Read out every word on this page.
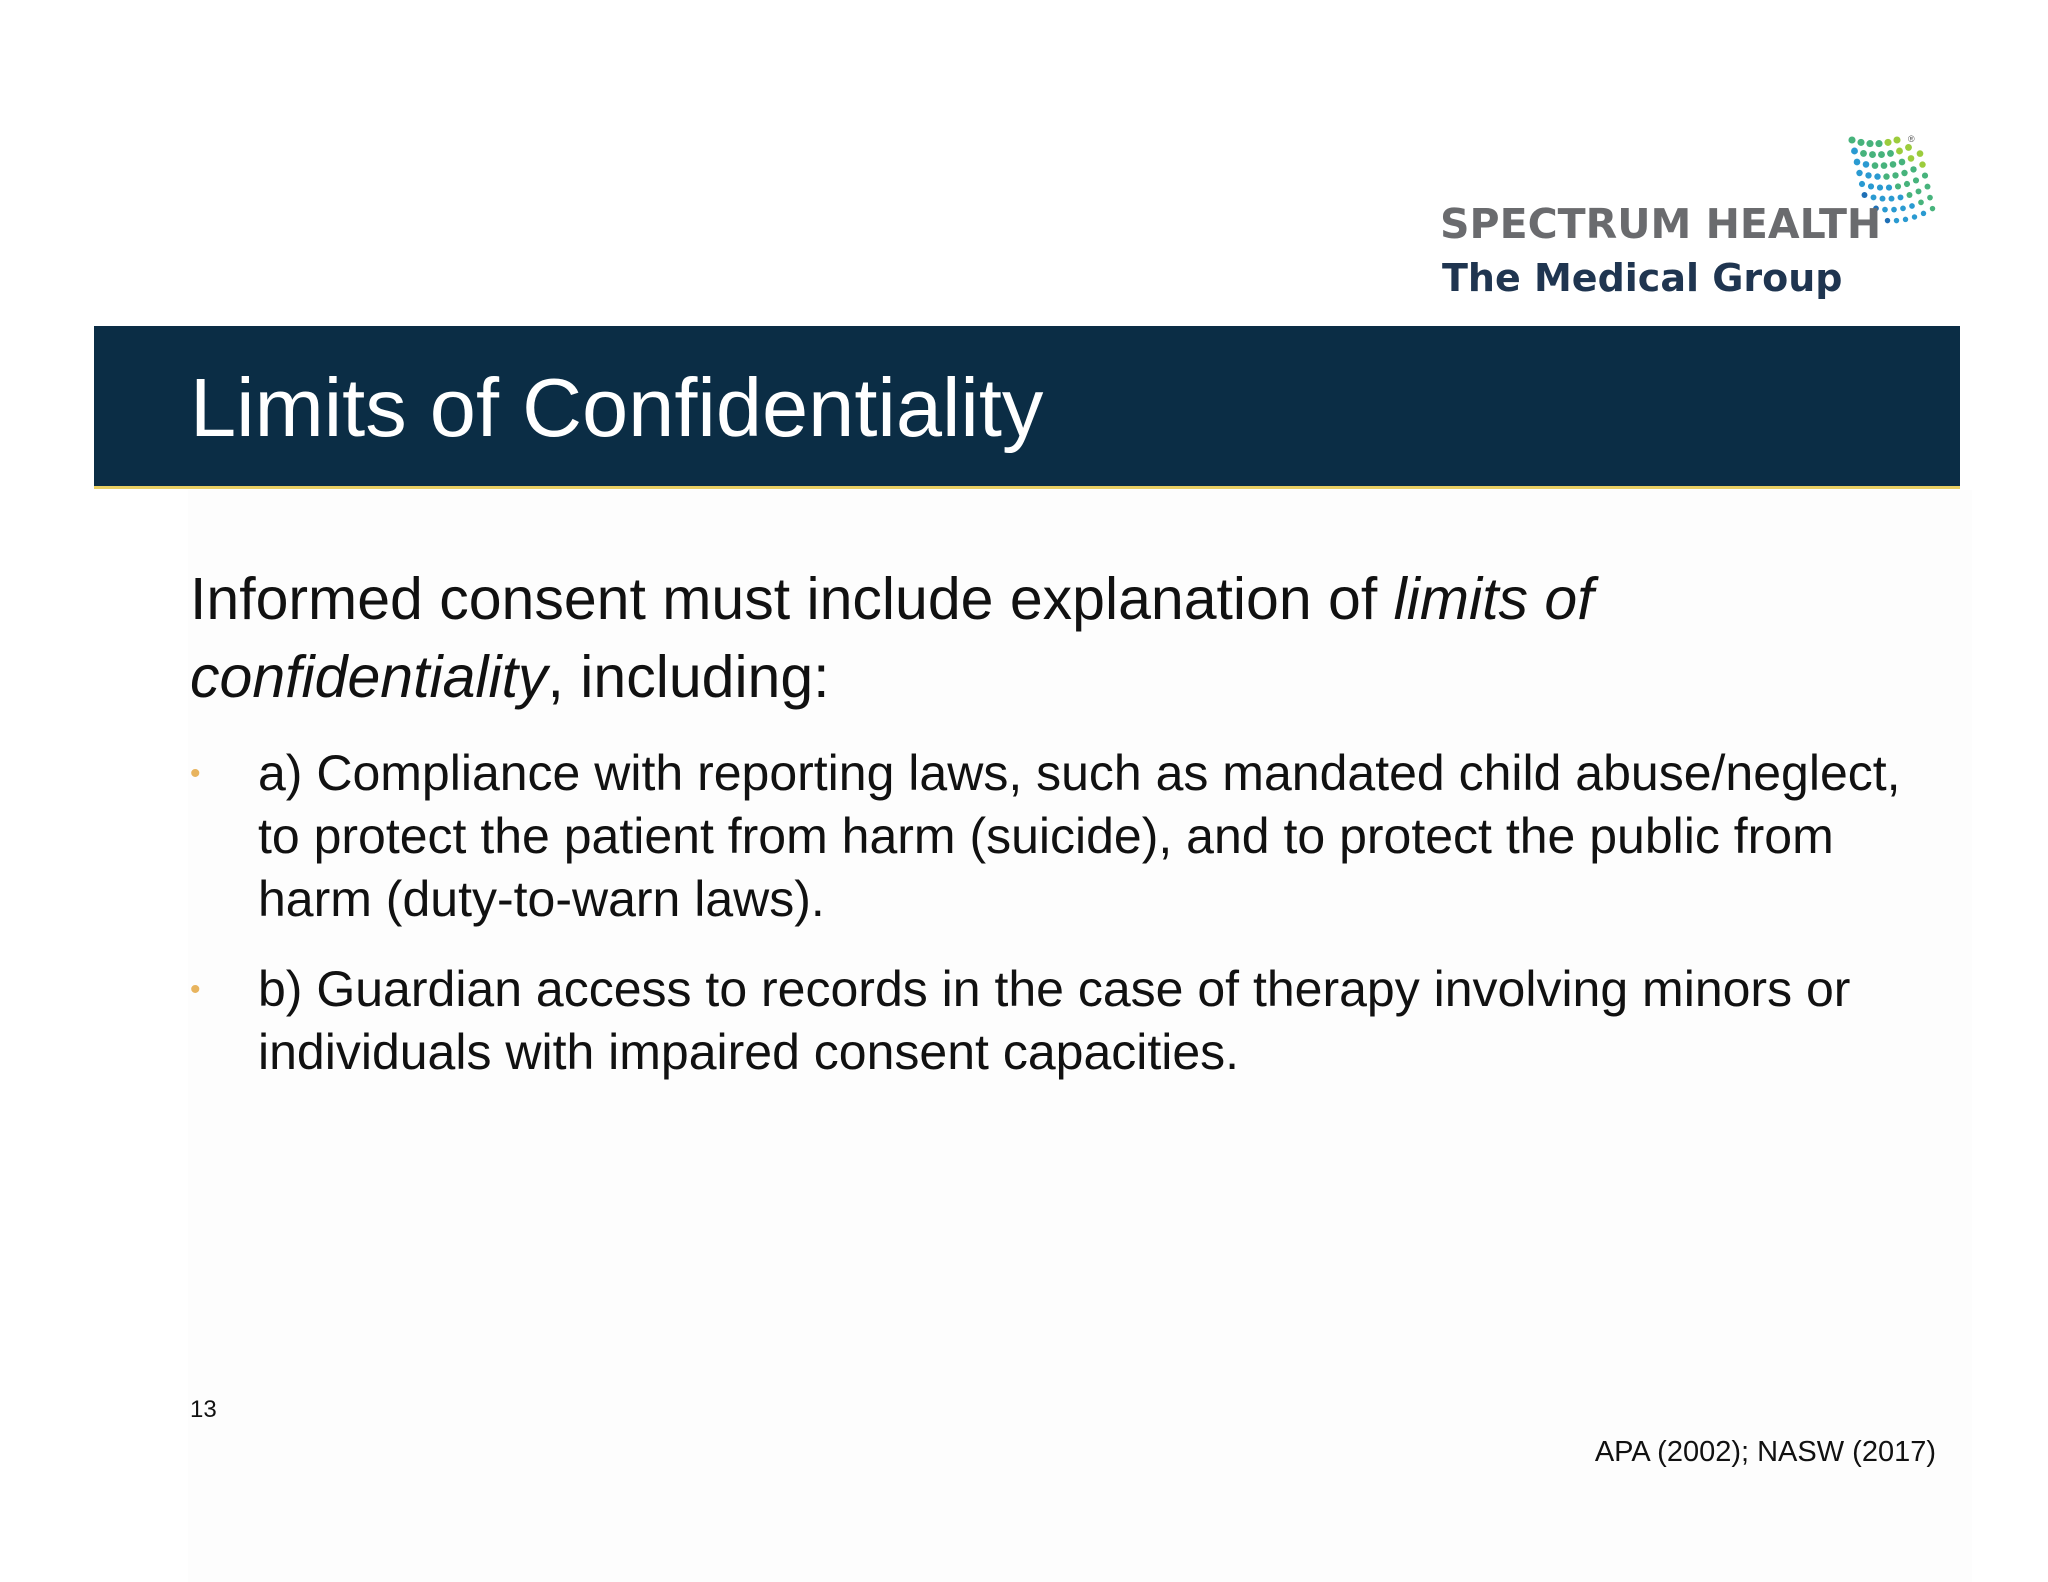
®
SPECTRUM HEALTH
The Medical Group
Limits of Confidentiality

Informed consent must include explanation of limits of confidentiality, including:

• a) Compliance with reporting laws, such as mandated child abuse/neglect, to protect the patient from harm (suicide), and to protect the public from harm (duty-to-warn laws).
• b) Guardian access to records in the case of therapy involving minors or individuals with impaired consent capacities.
13
APA (2002); NASW (2017)
